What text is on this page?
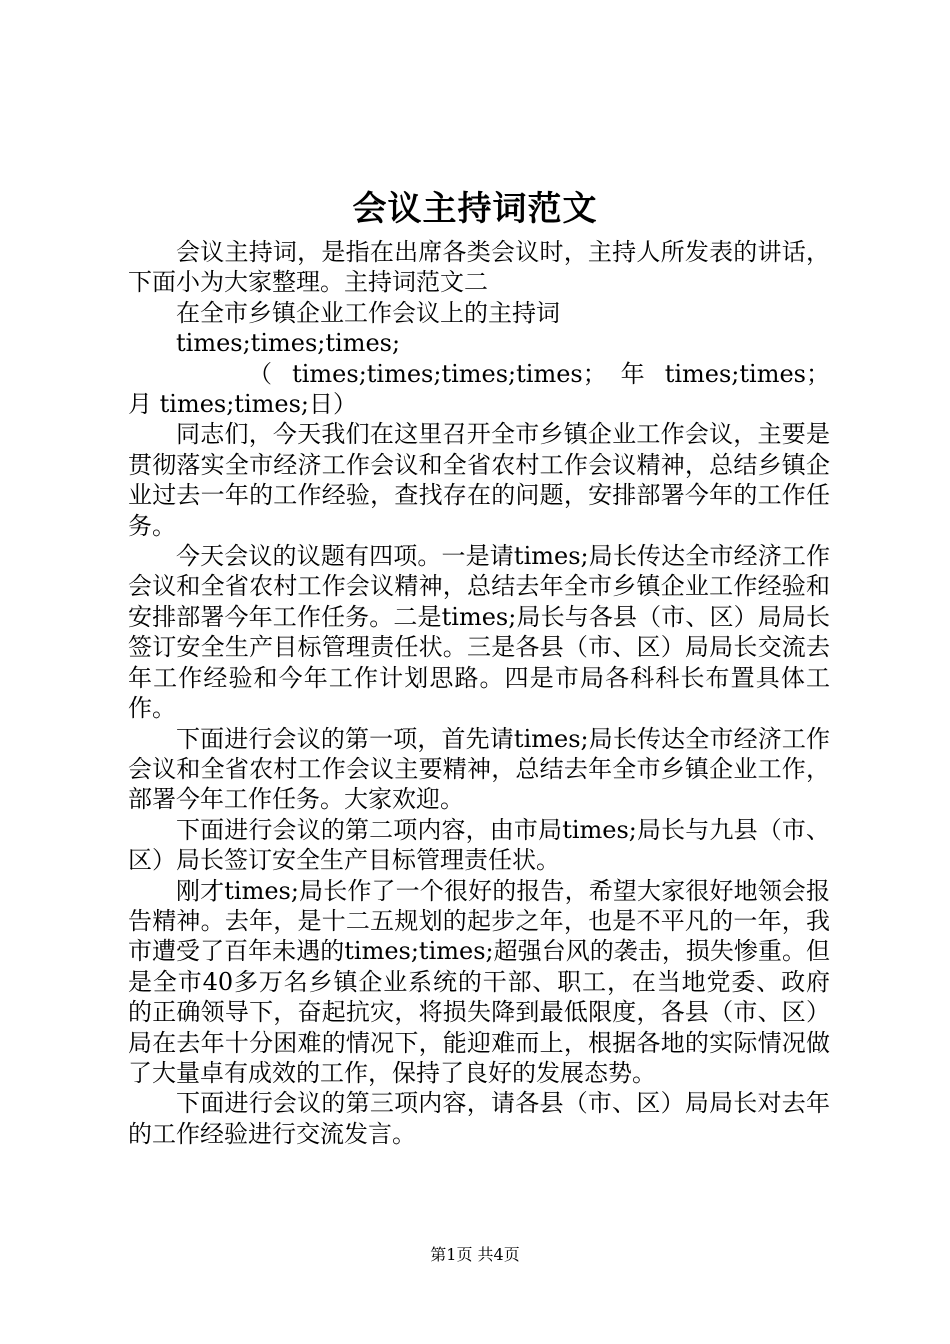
会议主持词范文

会议主持词，是指在出席各类会议时，主持人所发表的讲话，下面小为大家整理。主持词范文二

在全市乡镇企业工作会议上的主持词

times;times;times;

（ times;times;times;times； 年 times;times； 月 times;times;日）

同志们，今天我们在这里召开全市乡镇企业工作会议，主要是贯彻落实全市经济工作会议和全省农村工作会议精神，总结乡镇企业过去一年的工作经验，查找存在的问题，安排部署今年的工作任务。

今天会议的议题有四项。一是请times;局长传达全市经济工作会议和全省农村工作会议精神，总结去年全市乡镇企业工作经验和安排部署今年工作任务。二是times;局长与各县（市、区）局局长签订安全生产目标管理责任状。三是各县（市、区）局局长交流去年工作经验和今年工作计划思路。四是市局各科科长布置具体工作。

下面进行会议的第一项，首先请times;局长传达全市经济工作会议和全省农村工作会议主要精神，总结去年全市乡镇企业工作，部署今年工作任务。大家欢迎。

下面进行会议的第二项内容，由市局times;局长与九县（市、区）局长签订安全生产目标管理责任状。

刚才times;局长作了一个很好的报告，希望大家很好地领会报告精神。去年，是十二五规划的起步之年，也是不平凡的一年，我市遭受了百年未遇的times;times;超强台风的袭击，损失惨重。但是全市40多万名乡镇企业系统的干部、职工，在当地党委、政府的正确领导下，奋起抗灾，将损失降到最低限度，各县（市、区）局在去年十分困难的情况下，能迎难而上，根据各地的实际情况做了大量卓有成效的工作，保持了良好的发展态势。

下面进行会议的第三项内容，请各县（市、区）局局长对去年的工作经验进行交流发言。

第1页 共4页
